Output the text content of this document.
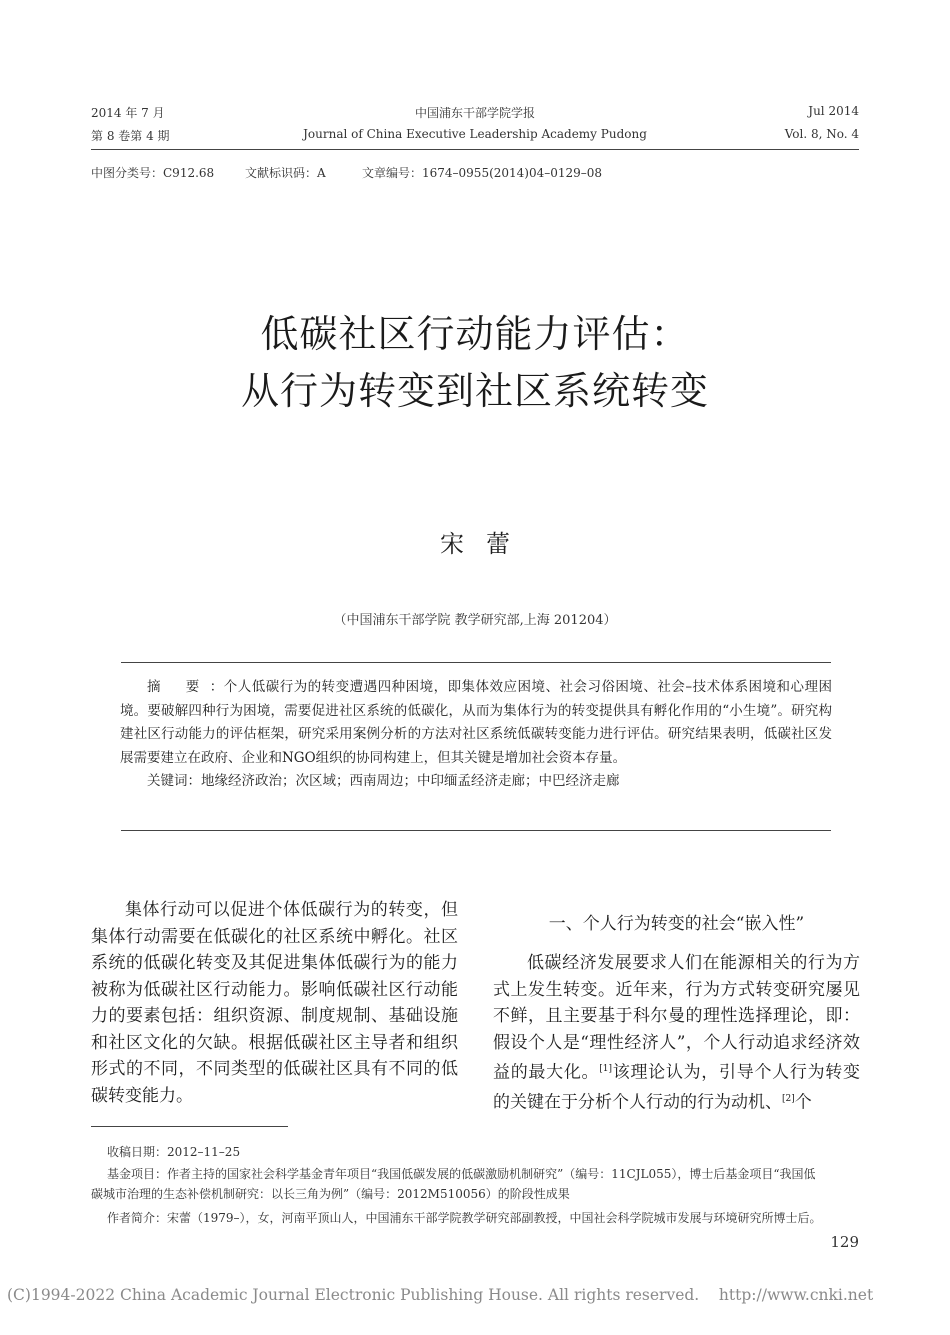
2014 年 7 月
第 8 卷第 4 期
中国浦东干部学院学报
Journal of China Executive Leadership Academy Pudong
Jul 2014
Vol. 8, No. 4
中图分类号：C912.68	文献标识码：A	文章编号：1674–0955(2014)04–0129–08
低碳社区行动能力评估：
从行为转变到社区系统转变
宋蕾
（中国浦东干部学院 教学研究部,上海 201204）

摘 要：个人低碳行为的转变遭遇四种困境，即集体效应困境、社会习俗困境、社会–技术体系困境和心理困境。要破解四种行为困境，需要促进社区系统的低碳化，从而为集体行为的转变提供具有孵化作用的“小生境”。研究构建社区行动能力的评估框架，研究采用案例分析的方法对社区系统低碳转变能力进行评估。研究结果表明，低碳社区发展需要建立在政府、企业和NGO组织的协同构建上，但其关键是增加社会资本存量。

关键词：地缘经济政治；次区域；西南周边；中印缅孟经济走廊；中巴经济走廊

集体行动可以促进个体低碳行为的转变，但集体行动需要在低碳化的社区系统中孵化。社区系统的低碳化转变及其促进集体低碳行为的能力被称为低碳社区行动能力。影响低碳社区行动能力的要素包括：组织资源、制度规制、基础设施和社区文化的欠缺。根据低碳社区主导者和组织形式的不同，不同类型的低碳社区具有不同的低碳转变能力。

一、个人行为转变的社会“嵌入性”

低碳经济发展要求人们在能源相关的行为方式上发生转变。近年来，行为方式转变研究屡见不鲜，且主要基于科尔曼的理性选择理论，即：假设个人是“理性经济人”，个人行动追求经济效益的最大化。[1]该理论认为，引导个人行为转变的关键在于分析个人行动的行为动机、[2]个

收稿日期：2012–11–25
基金项目：作者主持的国家社会科学基金青年项目“我国低碳发展的低碳激励机制研究”（编号：11CJL055），博士后基金项目“我国低
碳城市治理的生态补偿机制研究：以长三角为例”（编号：2012M510056）的阶段性成果
作者简介：宋蕾（1979–），女，河南平顶山人，中国浦东干部学院教学研究部副教授，中国社会科学院城市发展与环境研究所博士后。
129
(C)1994-2022 China Academic Journal Electronic Publishing House. All rights reserved.    http://www.cnki.net
